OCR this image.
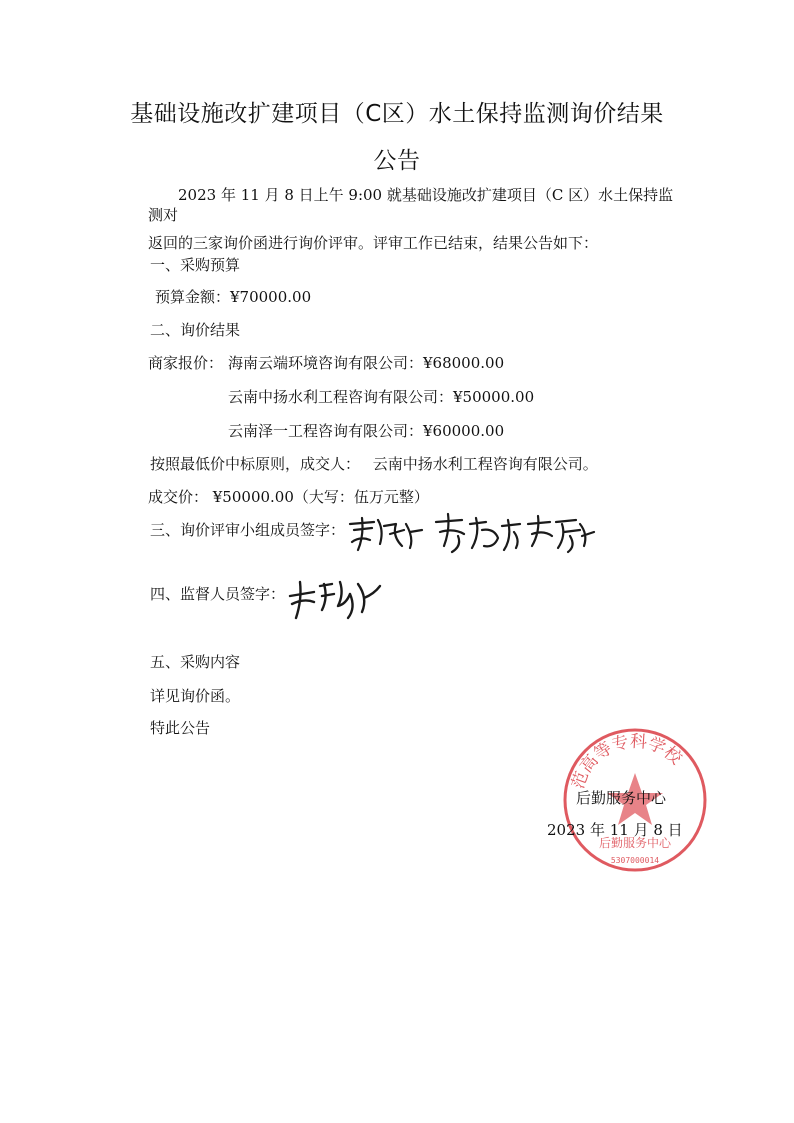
基础设施改扩建项目（C区）水土保持监测询价结果
公告

2023 年 11 月 8 日上午 9:00 就基础设施改扩建项目（C 区）水土保持监测对

返回的三家询价函进行询价评审。评审工作已结束，结果公告如下：

一、采购预算
预算金额：¥70000.00
二、询价结果
商家报价： 海南云端环境咨询有限公司：¥68000.00
云南中扬水利工程咨询有限公司：¥50000.00
云南泽一工程咨询有限公司：¥60000.00
按照最低价中标原则，成交人： 云南中扬水利工程咨询有限公司。
成交价： ¥50000.00（大写：伍万元整）
三、询价评审小组成员签字：
四、监督人员签字：
五、采购内容
详见询价函。
特此公告
范高等专科学校
后勤服务中心
5307000014
后勤服务中心
2023 年 11 月 8 日
